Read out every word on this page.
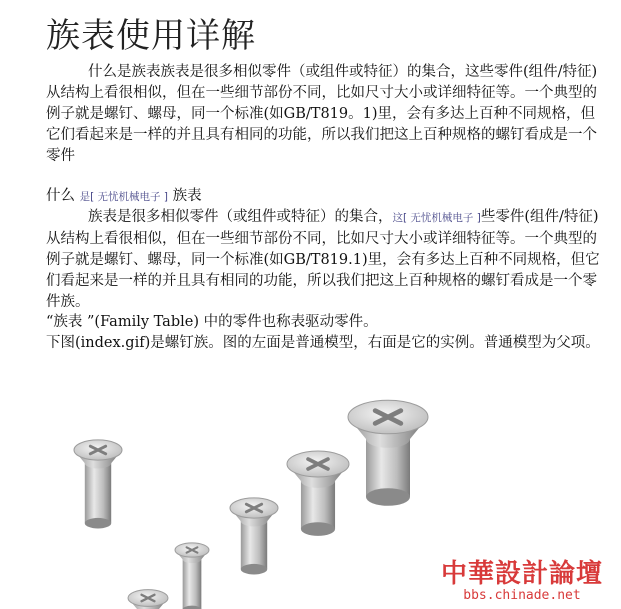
族表使用详解

什么是族表族表是很多相似零件（或组件或特征）的集合，这些零件(组件/特征)从结构上看很相似，但在一些细节部份不同，比如尺寸大小或详细特征等。一个典型的例子就是螺钉、螺母，同一个标准(如GB/T819。1)里，会有多达上百种不同规格，但它们看起来是一样的并且具有相同的功能，所以我们把这上百种规格的螺钉看成是一个零件

什么 是[ 无忧机械电子 ] 族表

族表是很多相似零件（或组件或特征）的集合，这[ 无忧机械电子 ]些零件(组件/特征)从结构上看很相似，但在一些细节部份不同，比如尺寸大小或详细特征等。一个典型的例子就是螺钉、螺母，同一个标准(如GB/T819.1)里，会有多达上百种不同规格，但它们看起来是一样的并且具有相同的功能，所以我们把这上百种规格的螺钉看成是一个零件族。

“族表 ”(Family Table) 中的零件也称表驱动零件。

下图(index.gif)是螺钉族。图的左面是普通模型，右面是它的实例。普通模型为父项。

中華設計論壇
bbs.chinade.net
